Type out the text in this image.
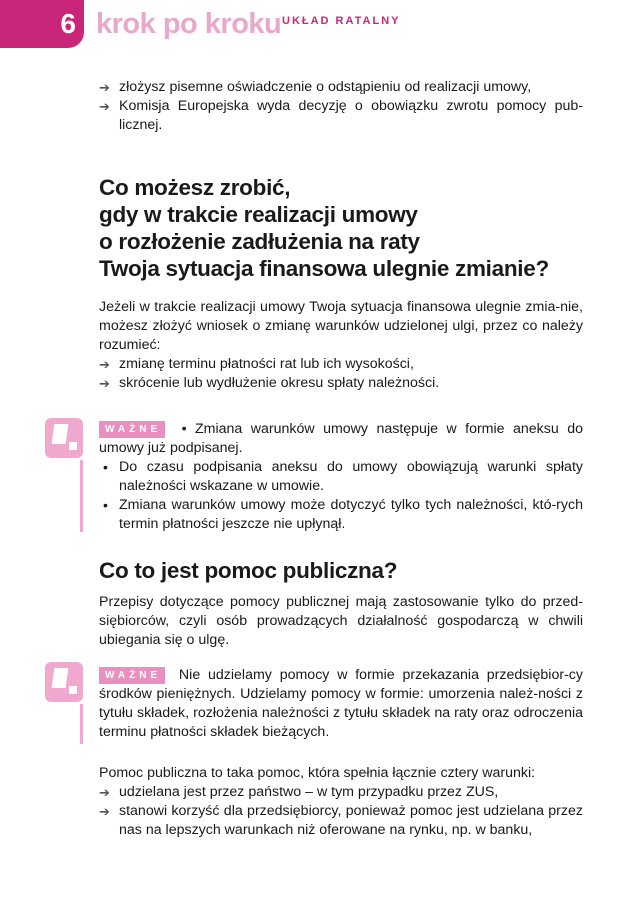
6 krok po kroku UKŁAD RATALNY
➔ złożysz pisemne oświadczenie o odstąpieniu od realizacji umowy,
➔ Komisja Europejska wyda decyzję o obowiązku zwrotu pomocy pub-licznej.
Co możesz zrobić,
gdy w trakcie realizacji umowy
o rozłożenie zadłużenia na raty
Twoja sytuacja finansowa ulegnie zmianie?

Jeżeli w trakcie realizacji umowy Twoja sytuacja finansowa ulegnie zmia-nie, możesz złożyć wniosek o zmianę warunków udzielonej ulgi, przez co należy rozumieć:

➔ zmianę terminu płatności rat lub ich wysokości,
➔ skrócenie lub wydłużenie okresu spłaty należności.
WAŻNE • Zmiana warunków umowy następuje w formie aneksu do umowy już podpisanej.
• Do czasu podpisania aneksu do umowy obowiązują warunki spłaty należności wskazane w umowie.
• Zmiana warunków umowy może dotyczyć tylko tych należności, któ-rych termin płatności jeszcze nie upłynął.
Co to jest pomoc publiczna?

Przepisy dotyczące pomocy publicznej mają zastosowanie tylko do przed-siębiorców, czyli osób prowadzących działalność gospodarczą w chwili ubiegania się o ulgę.

WAŻNE Nie udzielamy pomocy w formie przekazania przedsiębior-cy środków pieniężnych. Udzielamy pomocy w formie: umorzenia należ-ności z tytułu składek, rozłożenia należności z tytułu składek na raty oraz odroczenia terminu płatności składek bieżących.

Pomoc publiczna to taka pomoc, która spełnia łącznie cztery warunki:

➔ udzielana jest przez państwo – w tym przypadku przez ZUS,
➔ stanowi korzyść dla przedsiębiorcy, ponieważ pomoc jest udzielana przez nas na lepszych warunkach niż oferowane na rynku, np. w banku,
